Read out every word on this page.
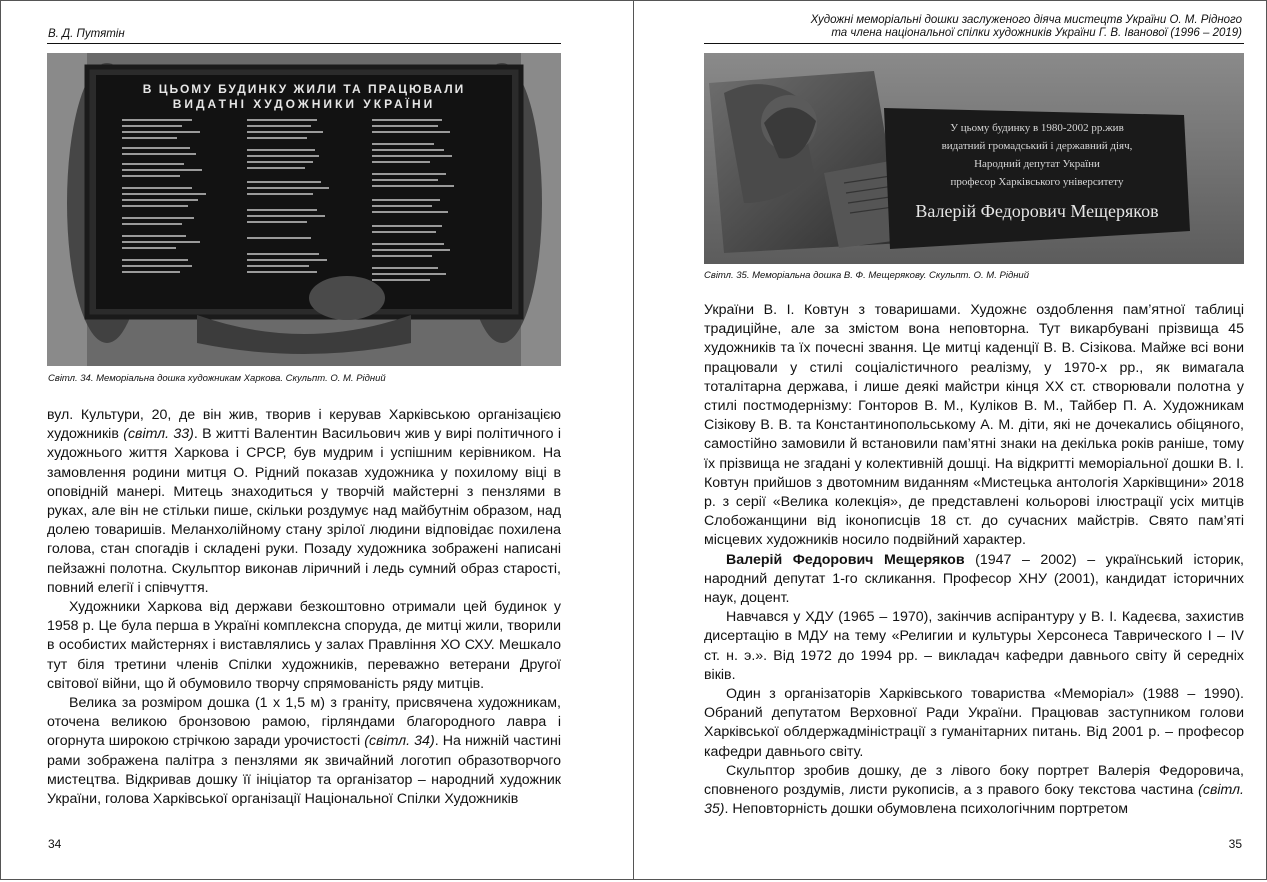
В. Д. Путятін
В ЦЬОМУ БУДИНКУ ЖИЛИ ТА ПРАЦЮВАЛИ
ВИДАТНІ ХУДОЖНИКИ УКРАЇНИ
Світл. 34. Меморіальна дошка художникам Харкова. Скульпт. О. М. Рідний

вул. Культури, 20, де він жив, творив і керував Харківською організацією художників (світл. 33). В житті Валентин Васильович жив у вирі політичного і художнього життя Харкова і СРСР, був мудрим і успішним керівником. На замовлення родини митця О. Рідний показав художника у похилому віці в оповідній манері. Митець знаходиться у творчій майстерні з пензлями в руках, але він не стільки пише, скільки роздумує над майбутнім образом, над долею товаришів. Меланхолійному стану зрілої людини відповідає похилена голова, стан спогадів і складені руки. Позаду художника зображені написані пейзажні полотна. Скульптор виконав ліричний і ледь сумний образ старості, повний елегії і співчуття.

Художники Харкова від держави безкоштовно отримали цей будинок у 1958 р. Це була перша в Україні комплексна споруда, де митці жили, творили в особистих майстернях і виставлялись у залах Правління ХО СХУ. Мешкало тут біля третини членів Спілки художників, переважно ветерани Другої світової війни, що й обумовило творчу спрямованість ряду митців.

Велика за розміром дошка (1 х 1,5 м) з граніту, присвячена художникам, оточена великою бронзовою рамою, гірляндами благородного лавра і огорнута широкою стрічкою заради урочистості (світл. 34). На нижній частині рами зображена палітра з пензлями як звичайний логотип образотворчого мистецтва. Відкривав дошку її ініціатор та організатор – народний художник України, голова Харківської організації Національної Спілки Художників

34
Художні меморіальні дошки заслуженого діяча мистецтв України О. М. Рідного
та члена національної спілки художників України Г. В. Іванової (1996 – 2019)
У цьому будинку в 1980-2002 рр.жив
видатний громадський і державний діяч,
Народний депутат України
професор Харківського університету
Валерій Федорович Мещеряков
Світл. 35. Меморіальна дошка В. Ф. Мещерякову. Скульпт. О. М. Рідний

України В. І. Ковтун з товаришами. Художнє оздоблення пам’ятної таблиці традиційне, але за змістом вона неповторна. Тут викарбувані прізвища 45 художників та їх почесні звання. Це митці каденції В. В. Сізікова. Майже всі вони працювали у стилі соціалістичного реалізму, у 1970-х рр., як вимагала тоталітарна держава, і лише деякі майстри кінця ХХ ст. створювали полотна у стилі постмодернізму: Гонторов В. М., Куліков В. М., Тайбер П. А. Художникам Сізікову В. В. та Константинопольському А. М. діти, які не дочекались обіцяного, самостійно замовили й встановили пам’ятні знаки на декілька років раніше, тому їх прізвища не згадані у колективній дошці. На відкритті меморіальної дошки В. І. Ковтун прийшов з двотомним виданням «Мистецька антологія Харківщини» 2018 р. з серії «Велика колекція», де представлені кольорові ілюстрації усіх митців Слобожанщини від іконописців 18 ст. до сучасних майстрів. Свято пам’яті місцевих художників носило подвійний характер.

Валерій Федорович Мещеряков (1947 – 2002) – український історик, народний депутат 1-го скликання. Професор ХНУ (2001), кандидат історичних наук, доцент.

Навчався у ХДУ (1965 – 1970), закінчив аспірантуру у В. І. Кадеєва, захистив дисертацію в МДУ на тему «Религии и культуры Херсонеса Таврического I – IV ст. н. э.». Від 1972 до 1994 рр. – викладач кафедри давнього світу й середніх віків.

Один з організаторів Харківського товариства «Меморіал» (1988 – 1990). Обраний депутатом Верховної Ради України. Працював заступником голови Харківської облдержадміністрації з гуманітарних питань. Від 2001 р. – професор кафедри давнього світу.

Скульптор зробив дошку, де з лівого боку портрет Валерія Федоровича, сповненого роздумів, листи рукописів, а з правого боку текстова частина (світл. 35). Неповторність дошки обумовлена психологічним портретом

35
